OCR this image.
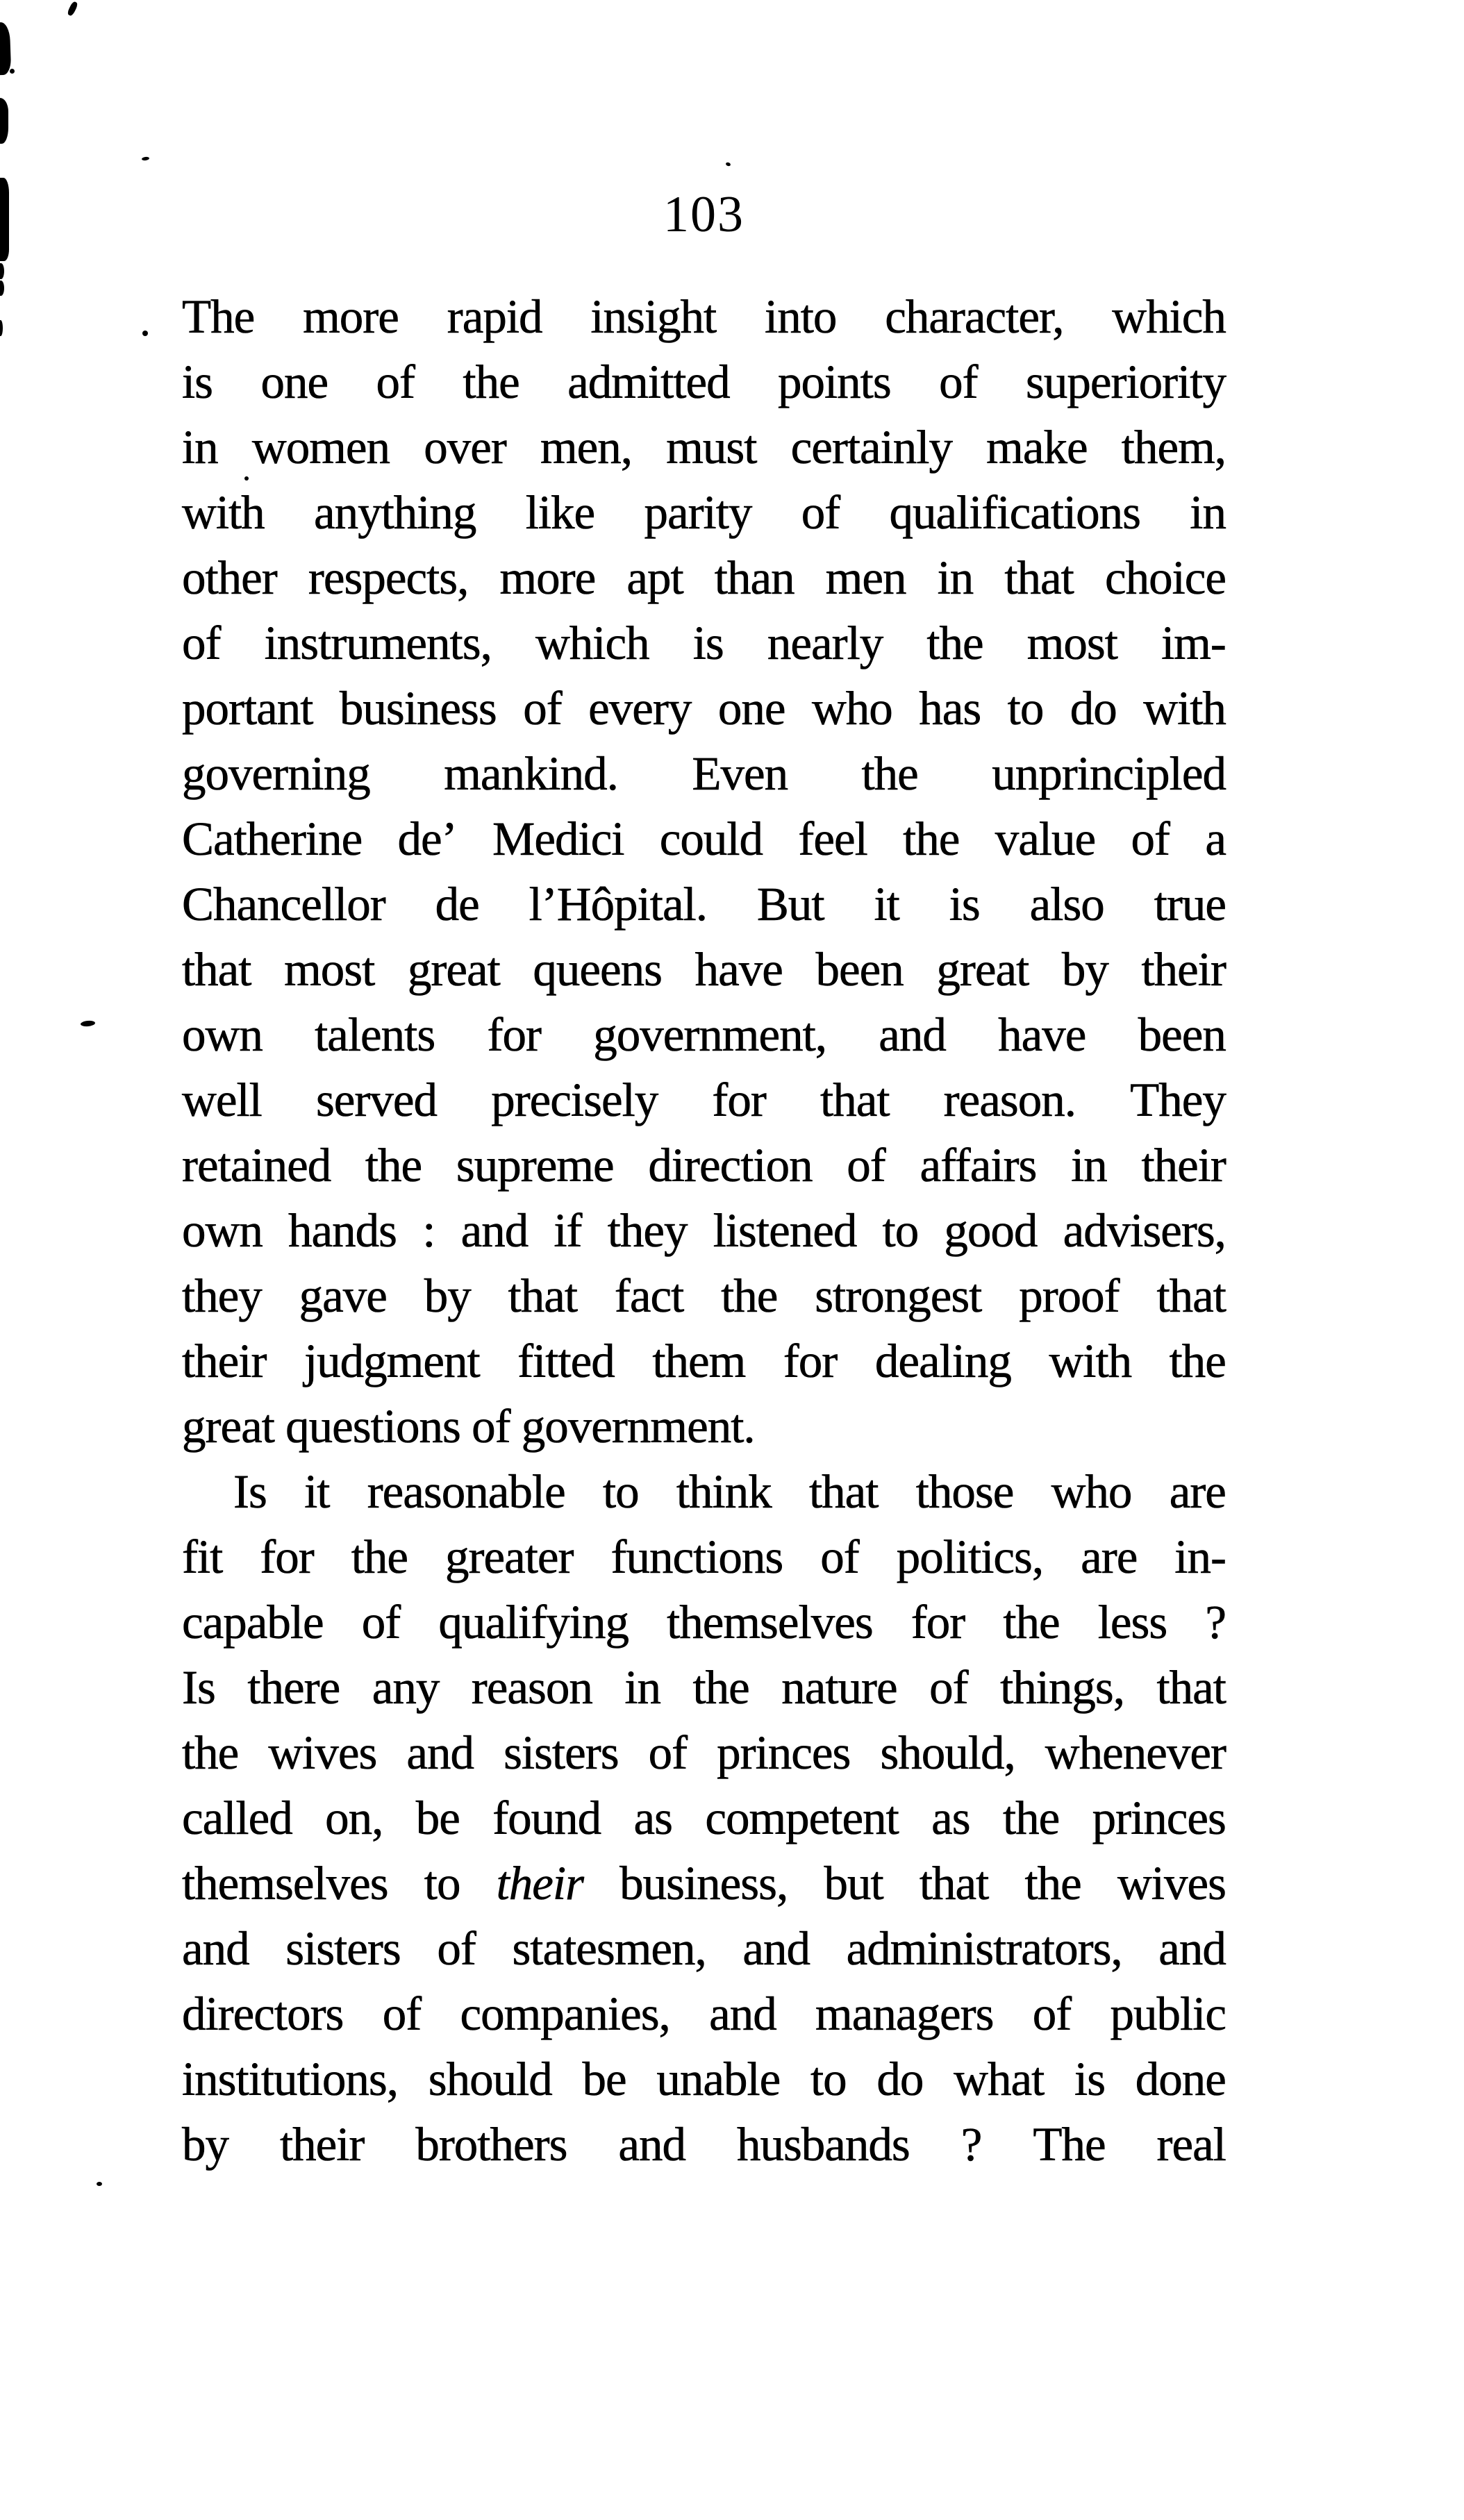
103
The more rapid insight into character, which
is one of the admitted points of superiority
in women over men, must certainly make them,
with anything like parity of qualifications in
other respects, more apt than men in that choice
of instruments, which is nearly the most im-
portant business of every one who has to do with
governing mankind. Even the unprincipled
Catherine de’ Medici could feel the value of a
Chancellor de l’Hôpital. But it is also true
that most great queens have been great by their
own talents for government, and have been
well served precisely for that reason. They
retained the supreme direction of affairs in their
own hands : and if they listened to good advisers,
they gave by that fact the strongest proof that
their judgment fitted them for dealing with the
great questions of government.
Is it reasonable to think that those who are
fit for the greater functions of politics, are in-
capable of qualifying themselves for the less ?
Is there any reason in the nature of things, that
the wives and sisters of princes should, whenever
called on, be found as competent as the princes
themselves to their business, but that the wives
and sisters of statesmen, and administrators, and
directors of companies, and managers of public
institutions, should be unable to do what is done
by their brothers and husbands ? The real
